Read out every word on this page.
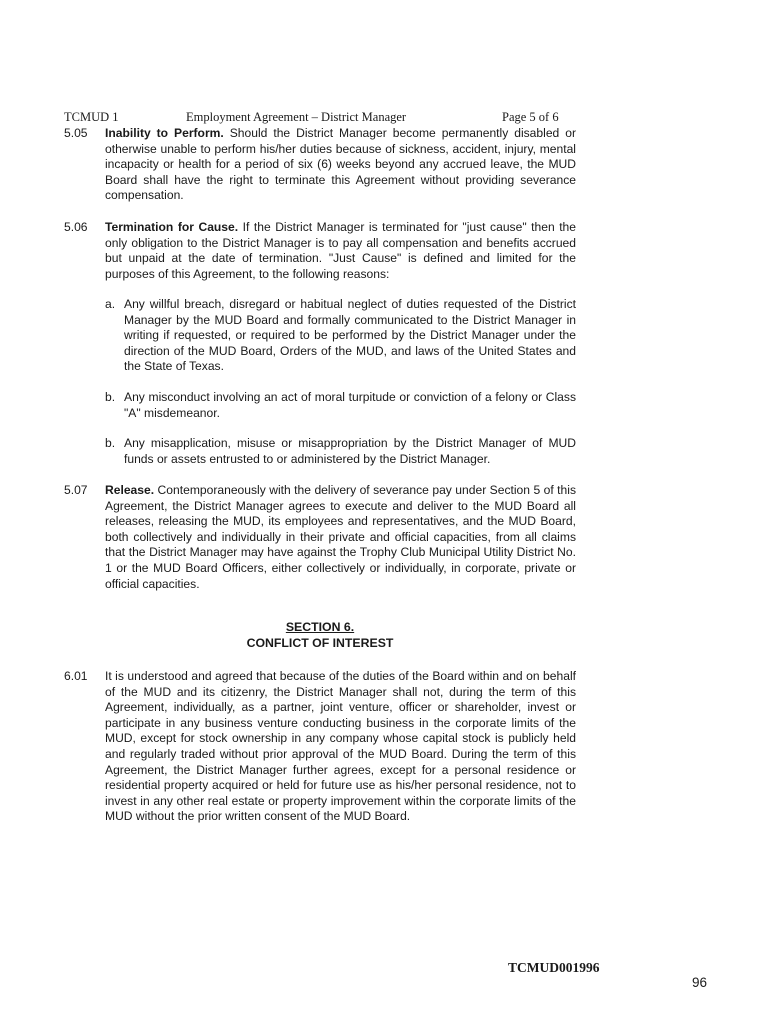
TCMUD 1	Employment Agreement – District Manager	Page 5 of 6
5.05 Inability to Perform. Should the District Manager become permanently disabled or otherwise unable to perform his/her duties because of sickness, accident, injury, mental incapacity or health for a period of six (6) weeks beyond any accrued leave, the MUD Board shall have the right to terminate this Agreement without providing severance compensation.
5.06 Termination for Cause. If the District Manager is terminated for "just cause" then the only obligation to the District Manager is to pay all compensation and benefits accrued but unpaid at the date of termination. "Just Cause" is defined and limited for the purposes of this Agreement, to the following reasons:
a. Any willful breach, disregard or habitual neglect of duties requested of the District Manager by the MUD Board and formally communicated to the District Manager in writing if requested, or required to be performed by the District Manager under the direction of the MUD Board, Orders of the MUD, and laws of the United States and the State of Texas.
b. Any misconduct involving an act of moral turpitude or conviction of a felony or Class "A" misdemeanor.
b. Any misapplication, misuse or misappropriation by the District Manager of MUD funds or assets entrusted to or administered by the District Manager.
5.07 Release. Contemporaneously with the delivery of severance pay under Section 5 of this Agreement, the District Manager agrees to execute and deliver to the MUD Board all releases, releasing the MUD, its employees and representatives, and the MUD Board, both collectively and individually in their private and official capacities, from all claims that the District Manager may have against the Trophy Club Municipal Utility District No. 1 or the MUD Board Officers, either collectively or individually, in corporate, private or official capacities.
SECTION 6.
CONFLICT OF INTEREST
6.01 It is understood and agreed that because of the duties of the Board within and on behalf of the MUD and its citizenry, the District Manager shall not, during the term of this Agreement, individually, as a partner, joint venture, officer or shareholder, invest or participate in any business venture conducting business in the corporate limits of the MUD, except for stock ownership in any company whose capital stock is publicly held and regularly traded without prior approval of the MUD Board. During the term of this Agreement, the District Manager further agrees, except for a personal residence or residential property acquired or held for future use as his/her personal residence, not to invest in any other real estate or property improvement within the corporate limits of the MUD without the prior written consent of the MUD Board.
TCMUD001996
96
